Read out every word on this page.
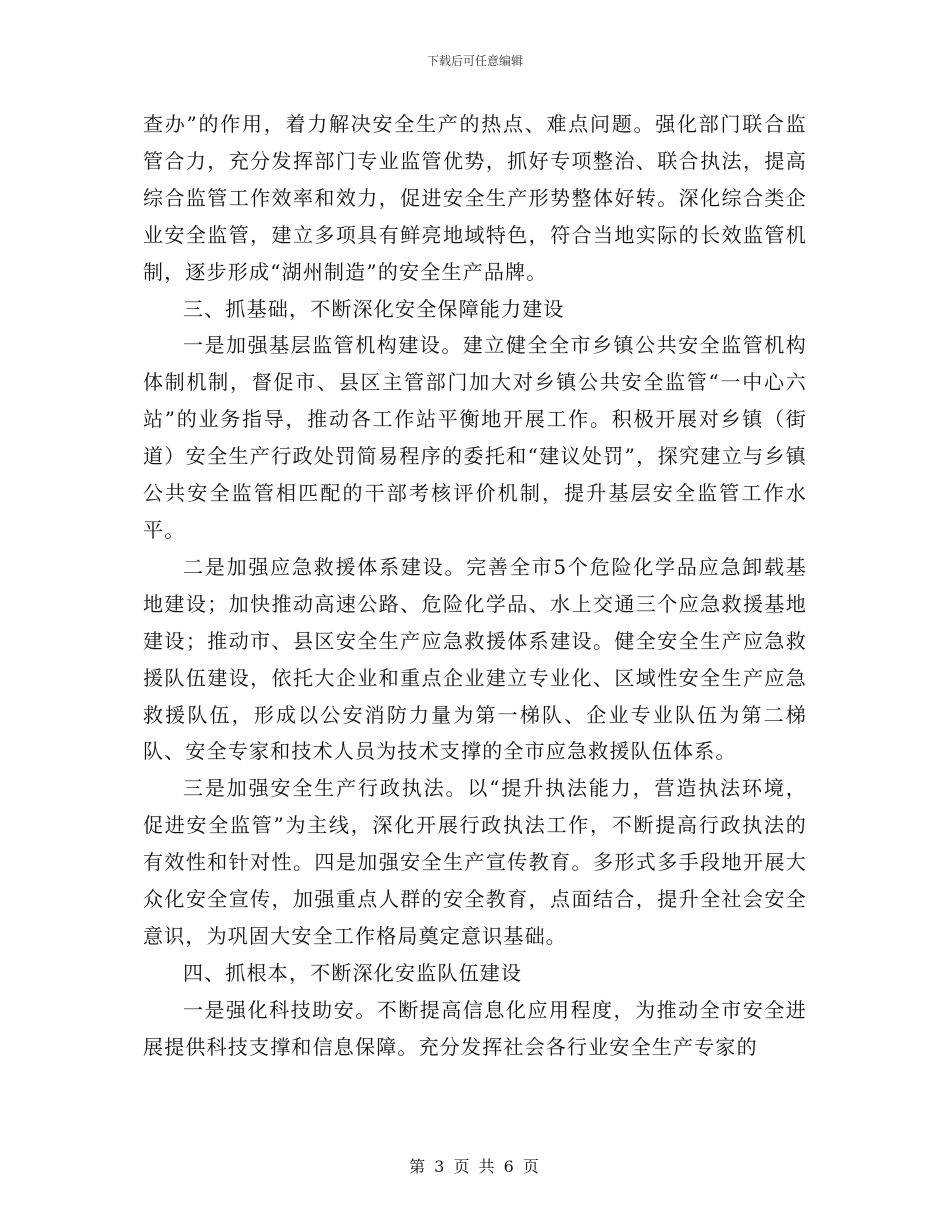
下载后可任意编辑

查办”的作用，着力解决安全生产的热点、难点问题。强化部门联合监管合力，充分发挥部门专业监管优势，抓好专项整治、联合执法，提高综合监管工作效率和效力，促进安全生产形势整体好转。深化综合类企业安全监管，建立多项具有鲜亮地域特色，符合当地实际的长效监管机制，逐步形成“湖州制造”的安全生产品牌。

三、抓基础，不断深化安全保障能力建设

一是加强基层监管机构建设。建立健全全市乡镇公共安全监管机构体制机制，督促市、县区主管部门加大对乡镇公共安全监管“一中心六站”的业务指导，推动各工作站平衡地开展工作。积极开展对乡镇（街道）安全生产行政处罚简易程序的委托和“建议处罚”，探究建立与乡镇公共安全监管相匹配的干部考核评价机制，提升基层安全监管工作水平。

二是加强应急救援体系建设。完善全市5个危险化学品应急卸载基地建设；加快推动高速公路、危险化学品、水上交通三个应急救援基地建设；推动市、县区安全生产应急救援体系建设。健全安全生产应急救援队伍建设，依托大企业和重点企业建立专业化、区域性安全生产应急救援队伍，形成以公安消防力量为第一梯队、企业专业队伍为第二梯队、安全专家和技术人员为技术支撑的全市应急救援队伍体系。

三是加强安全生产行政执法。以“提升执法能力，营造执法环境，促进安全监管”为主线，深化开展行政执法工作，不断提高行政执法的有效性和针对性。四是加强安全生产宣传教育。多形式多手段地开展大众化安全宣传，加强重点人群的安全教育，点面结合，提升全社会安全意识，为巩固大安全工作格局奠定意识基础。

四、抓根本，不断深化安监队伍建设

一是强化科技助安。不断提高信息化应用程度，为推动全市安全进展提供科技支撑和信息保障。充分发挥社会各行业安全生产专家的

第 3 页 共 6 页
